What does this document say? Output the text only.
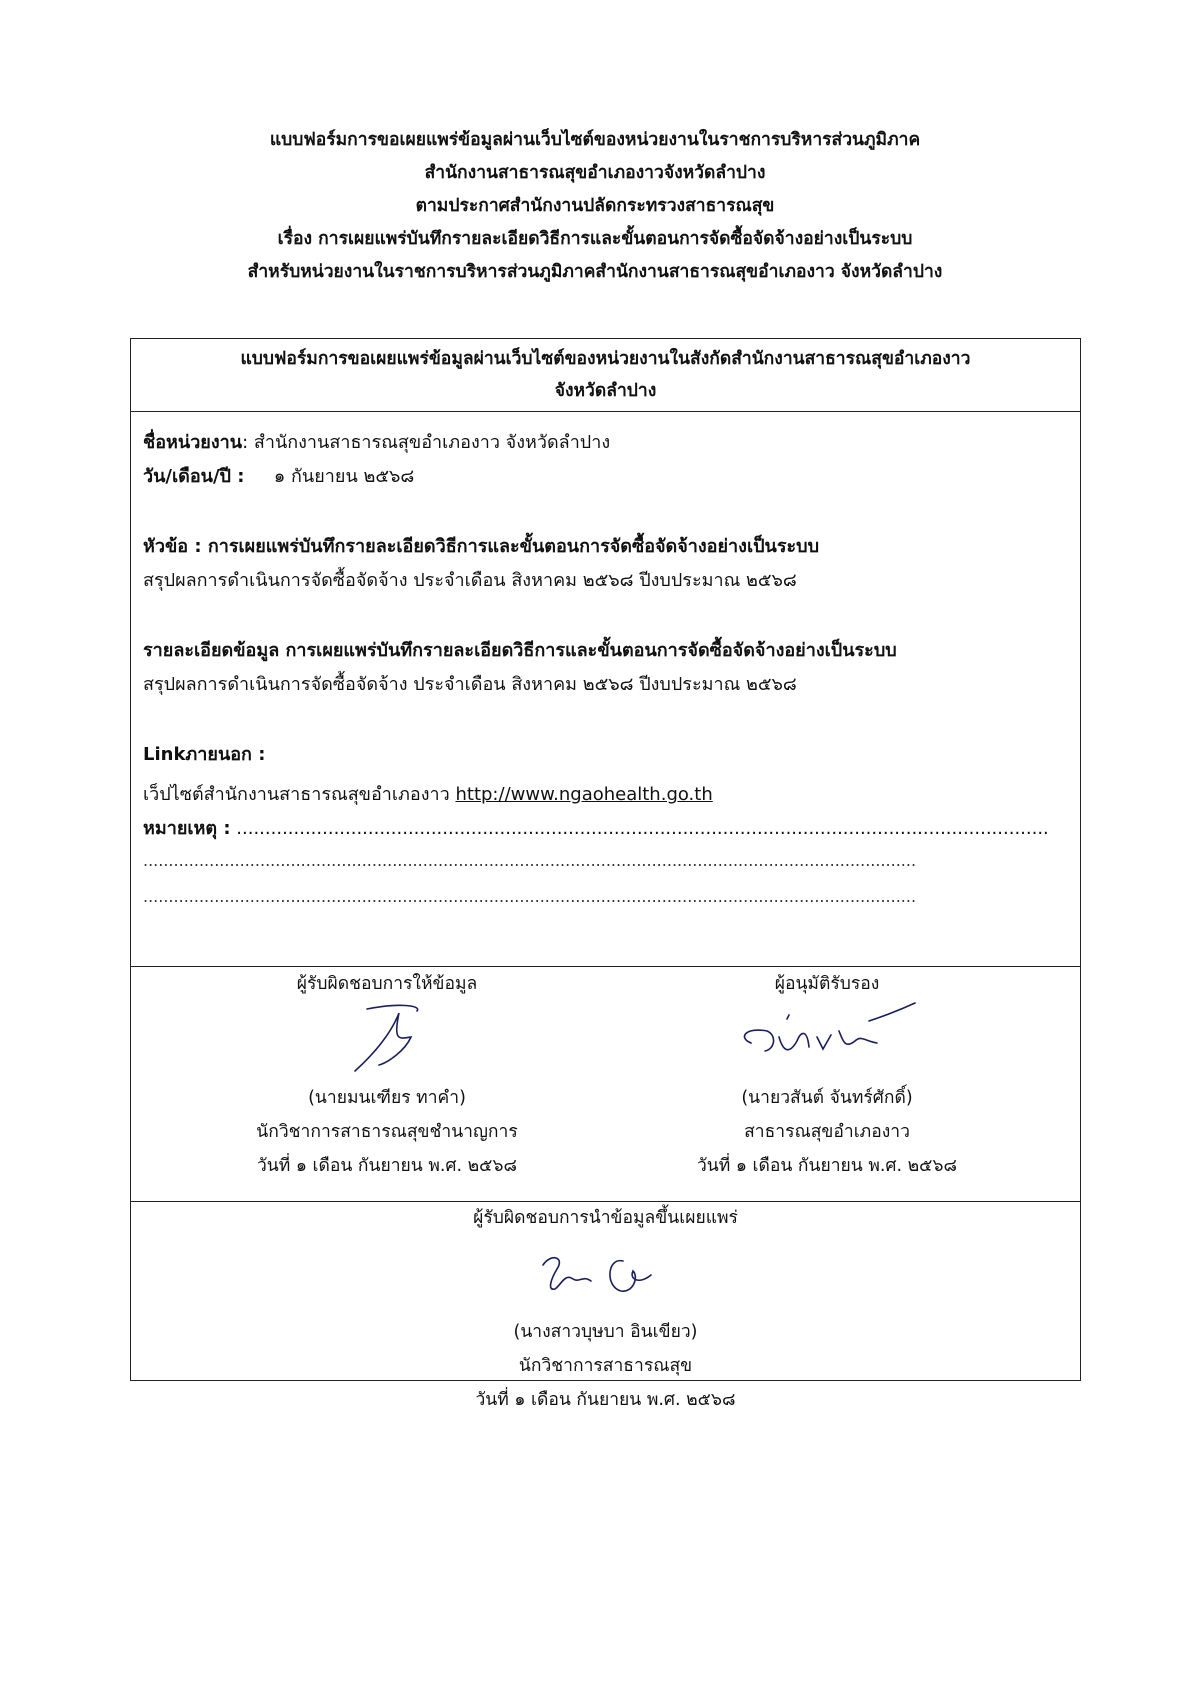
แบบฟอร์มการขอเผยแพร่ข้อมูลผ่านเว็บไซต์ของหน่วยงานในราชการบริหารส่วนภูมิภาค
สำนักงานสาธารณสุขอำเภองาวจังหวัดลำปาง
ตามประกาศสำนักงานปลัดกระทรวงสาธารณสุข
เรื่อง การเผยแพร่บันทึกรายละเอียดวิธีการและขั้นตอนการจัดซื้อจัดจ้างอย่างเป็นระบบ
สำหรับหน่วยงานในราชการบริหารส่วนภูมิภาคสำนักงานสาธารณสุขอำเภองาว จังหวัดลำปาง
แบบฟอร์มการขอเผยแพร่ข้อมูลผ่านเว็บไซต์ของหน่วยงานในสังกัดสำนักงานสาธารณสุขอำเภองาว
จังหวัดลำปาง
ชื่อหน่วยงาน: สำนักงานสาธารณสุขอำเภองาว จังหวัดลำปาง
วัน/เดือน/ปี : ๑ กันยายน ๒๕๖๘
หัวข้อ : การเผยแพร่บันทึกรายละเอียดวิธีการและขั้นตอนการจัดซื้อจัดจ้างอย่างเป็นระบบ
สรุปผลการดำเนินการจัดซื้อจัดจ้าง ประจำเดือน สิงหาคม ๒๕๖๘ ปีงบประมาณ ๒๕๖๘
รายละเอียดข้อมูล การเผยแพร่บันทึกรายละเอียดวิธีการและขั้นตอนการจัดซื้อจัดจ้างอย่างเป็นระบบ
สรุปผลการดำเนินการจัดซื้อจัดจ้าง ประจำเดือน สิงหาคม ๒๕๖๘ ปีงบประมาณ ๒๕๖๘
Linkภายนอก :
เว็ปไซต์สำนักงานสาธารณสุขอำเภองาว http://www.ngaohealth.go.th
หมายเหตุ : ..............................................................................................................................................
........................................................................................................................................................
........................................................................................................................................................
ผู้รับผิดชอบการให้ข้อมูล
(นายมนเฑียร ทาคำ)
นักวิชาการสาธารณสุขชำนาญการ
วันที่ ๑ เดือน กันยายน พ.ศ. ๒๕๖๘
ผู้อนุมัติรับรอง
(นายวสันต์ จันทร์ศักดิ์)
สาธารณสุขอำเภองาว
วันที่ ๑ เดือน กันยายน พ.ศ. ๒๕๖๘
ผู้รับผิดชอบการนำข้อมูลขึ้นเผยแพร่
(นางสาวบุษบา อินเขียว)
นักวิชาการสาธารณสุข
วันที่ ๑ เดือน กันยายน พ.ศ. ๒๕๖๘
